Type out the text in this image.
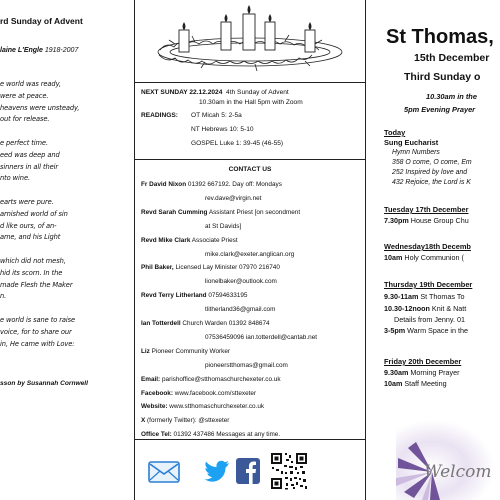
rd Sunday of Advent
laine L'Engle 1918-2007
e world was ready,
were at peace.
heavens were unsteady,
out for release.
e perfect time.
eed was deep and
sinners in all their
nto wine.
earts were pure.
arnished world of sin
d like ours, of an-
ame, and his Light
which did not mesh,
hid its scorn. In the
made Flesh the Maker
n.
e world is sane to raise
voice, for to share our
in, He came with Love:
sson by Susannah Cornwell
NEXT SUNDAY 22.12.2024 4th Sunday of Advent
10.30am in the Hall 5pm with Zoom
READINGS: OT Micah 5: 2-5a
NT Hebrews 10: 5-10
GOSPEL Luke 1: 39-45 (46-55)
CONTACT US
Fr David Nixon 01392 667192. Day off: Mondays
rev.dave@virgin.net
Revd Sarah Cumming Assistant Priest [on secondment
at St Davids]
Revd Mike Clark Associate Priest
mike.clark@exeter.anglican.org
Phil Baker, Licensed Lay Minister 07970 216740
lionelbaker@outlook.com
Revd Terry Litherland 07594633195
tlitherland36@gmail.com
Ian Totterdell Church Warden 01392 848674
07536459096 ian.totterdell@cantab.net
Liz Pioneer Community Worker
pioneerstthomas@gmail.com
Email: parishoffice@stthomaschurchexeter.co.uk
Facebook: www.facebook.com/sttexeter
Website: www.stthomaschurchexeter.co.uk
X (formerly Twitter): @sttexeter
Office Tel: 01392 437486 Messages at any time.
St Thomas,
15th December
Third Sunday o
10.30am in the
5pm Evening Prayer
Today
Sung Eucharist
Hymn Numbers
358 O come, O come, Em
252 Inspired by love and
432 Rejoice, the Lord is K
Tuesday 17th December
7.30pm House Group Chu
Wednesday18th Decemb
10am Holy Communion (
Thursday 19th December
9.30-11am St Thomas To
10.30-12noon Knit & Natt
Details from Jenny. 01
3-5pm Warm Space in the
Friday 20th December
9.30am Morning Prayer
10am Staff Meeting
Welcom
